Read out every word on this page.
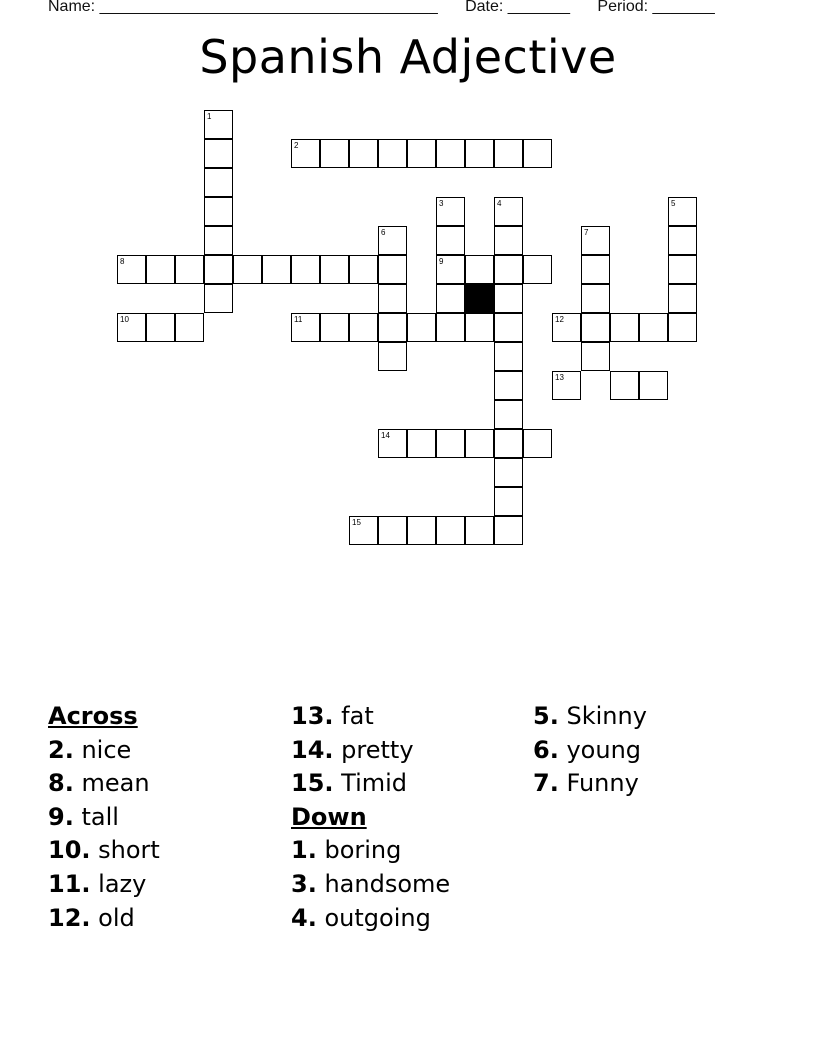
Name: ______________________________________ Date: _______ Period: _______
Spanish Adjective
1
2
3
9
4	5
6	7
8
10	11	12
13
14
15
Across
2. nice
8. mean
9. tall
10. short
11. lazy
12. old
13. fat
14. pretty
15. Timid
Down
1. boring
3. handsome
4. outgoing
5. Skinny
6. young
7. Funny
